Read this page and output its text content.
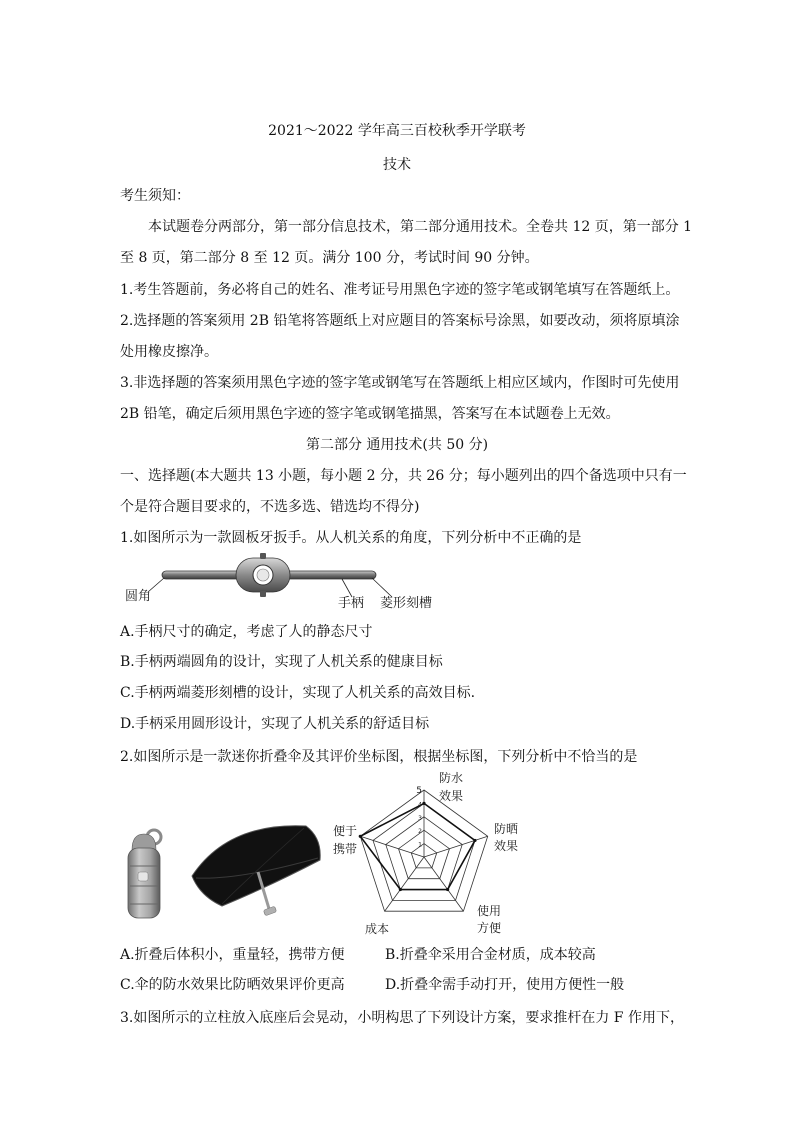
2021～2022 学年高三百校秋季开学联考
技术
考生须知：
本试题卷分两部分，第一部分信息技术，第二部分通用技术。全卷共 12 页，第一部分 1
至 8 页，第二部分 8 至 12 页。满分 100 分，考试时间 90 分钟。
1.考生答题前，务必将自己的姓名、准考证号用黑色字迹的签字笔或钢笔填写在答题纸上。
2.选择题的答案须用 2B 铅笔将答题纸上对应题目的答案标号涂黑，如要改动，须将原填涂
处用橡皮擦净。
3.非选择题的答案须用黑色字迹的签字笔或钢笔写在答题纸上相应区域内，作图时可先使用
2B 铅笔，确定后须用黑色字迹的签字笔或钢笔描黑，答案写在本试题卷上无效。
第二部分 通用技术(共 50 分)
一、选择题(本大题共 13 小题，每小题 2 分，共 26 分；每小题列出的四个备选项中只有一
个是符合题目要求的，不选多选、错选均不得分)
1.如图所示为一款圆板牙扳手。从人机关系的角度，下列分析中不正确的是
圆角	手柄 菱形刻槽
A.手柄尺寸的确定，考虑了人的静态尺寸
B.手柄两端圆角的设计，实现了人机关系的健康目标
C.手柄两端菱形刻槽的设计，实现了人机关系的高效目标.
D.手柄采用圆形设计，实现了人机关系的舒适目标
2.如图所示是一款迷你折叠伞及其评价坐标图，根据坐标图，下列分析中不恰当的是
1
2
3
4
5
防水
效果
防晒
效果
使用
方便
成本
便于
携带
A.折叠后体积小，重量轻，携带方便	B.折叠伞采用合金材质，成本较高
C.伞的防水效果比防晒效果评价更高	D.折叠伞需手动打开，使用方便性一般
3.如图所示的立柱放入底座后会晃动，小明构思了下列设计方案，要求推杆在力 F 作用下，
